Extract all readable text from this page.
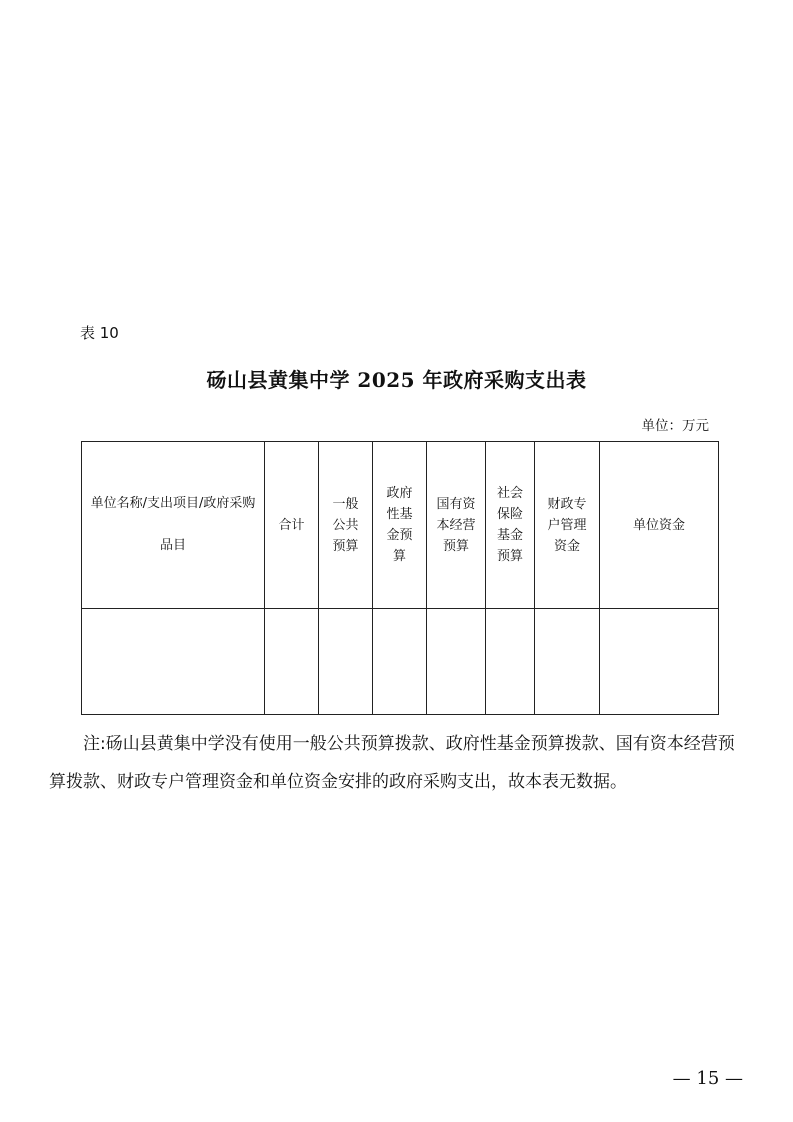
表 10
砀山县黄集中学 2025 年政府采购支出表
单位：万元
单位名称/支出项目/政府采购品目	合计	一般公共预算	政府性基金预算	国有资本经营预算	社会保险基金预算	财政专户管理资金	单位资金

注:砀山县黄集中学没有使用一般公共预算拨款、政府性基金预算拨款、国有资本经营预算拨款、财政专户管理资金和单位资金安排的政府采购支出，故本表无数据。
— 15 —
